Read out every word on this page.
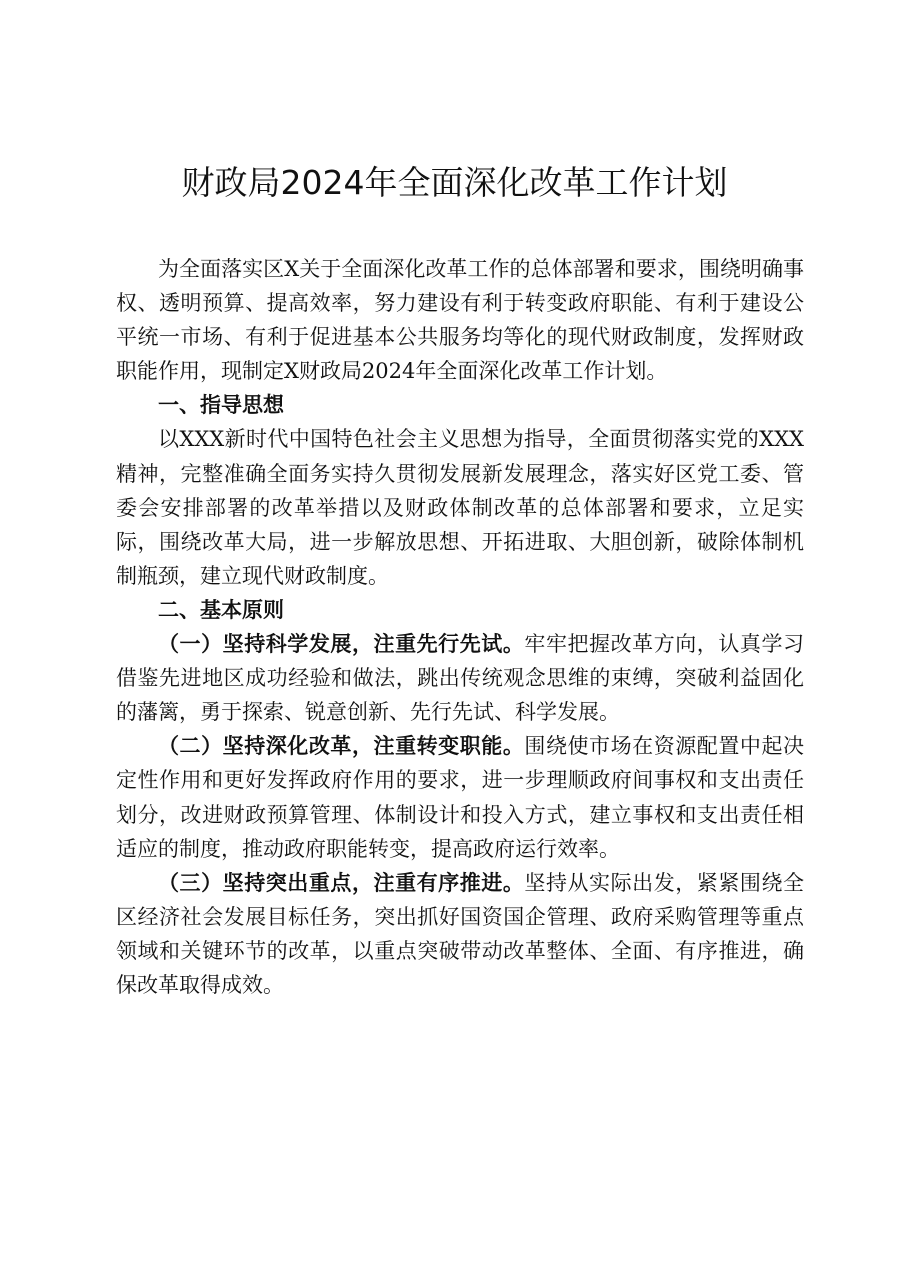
财政局2024年全面深化改革工作计划

为全面落实区X关于全面深化改革工作的总体部署和要求，围绕明确事权、透明预算、提高效率，努力建设有利于转变政府职能、有利于建设公平统一市场、有利于促进基本公共服务均等化的现代财政制度，发挥财政职能作用，现制定X财政局2024年全面深化改革工作计划。

一、指导思想

以XXX新时代中国特色社会主义思想为指导，全面贯彻落实党的XXX精神，完整准确全面务实持久贯彻发展新发展理念，落实好区党工委、管委会安排部署的改革举措以及财政体制改革的总体部署和要求，立足实际，围绕改革大局，进一步解放思想、开拓进取、大胆创新，破除体制机制瓶颈，建立现代财政制度。

二、基本原则

（一）坚持科学发展，注重先行先试。牢牢把握改革方向，认真学习借鉴先进地区成功经验和做法，跳出传统观念思维的束缚，突破利益固化的藩篱，勇于探索、锐意创新、先行先试、科学发展。

（二）坚持深化改革，注重转变职能。围绕使市场在资源配置中起决定性作用和更好发挥政府作用的要求，进一步理顺政府间事权和支出责任划分，改进财政预算管理、体制设计和投入方式，建立事权和支出责任相适应的制度，推动政府职能转变，提高政府运行效率。

（三）坚持突出重点，注重有序推进。坚持从实际出发，紧紧围绕全区经济社会发展目标任务，突出抓好国资国企管理、政府采购管理等重点领域和关键环节的改革，以重点突破带动改革整体、全面、有序推进，确保改革取得成效。
